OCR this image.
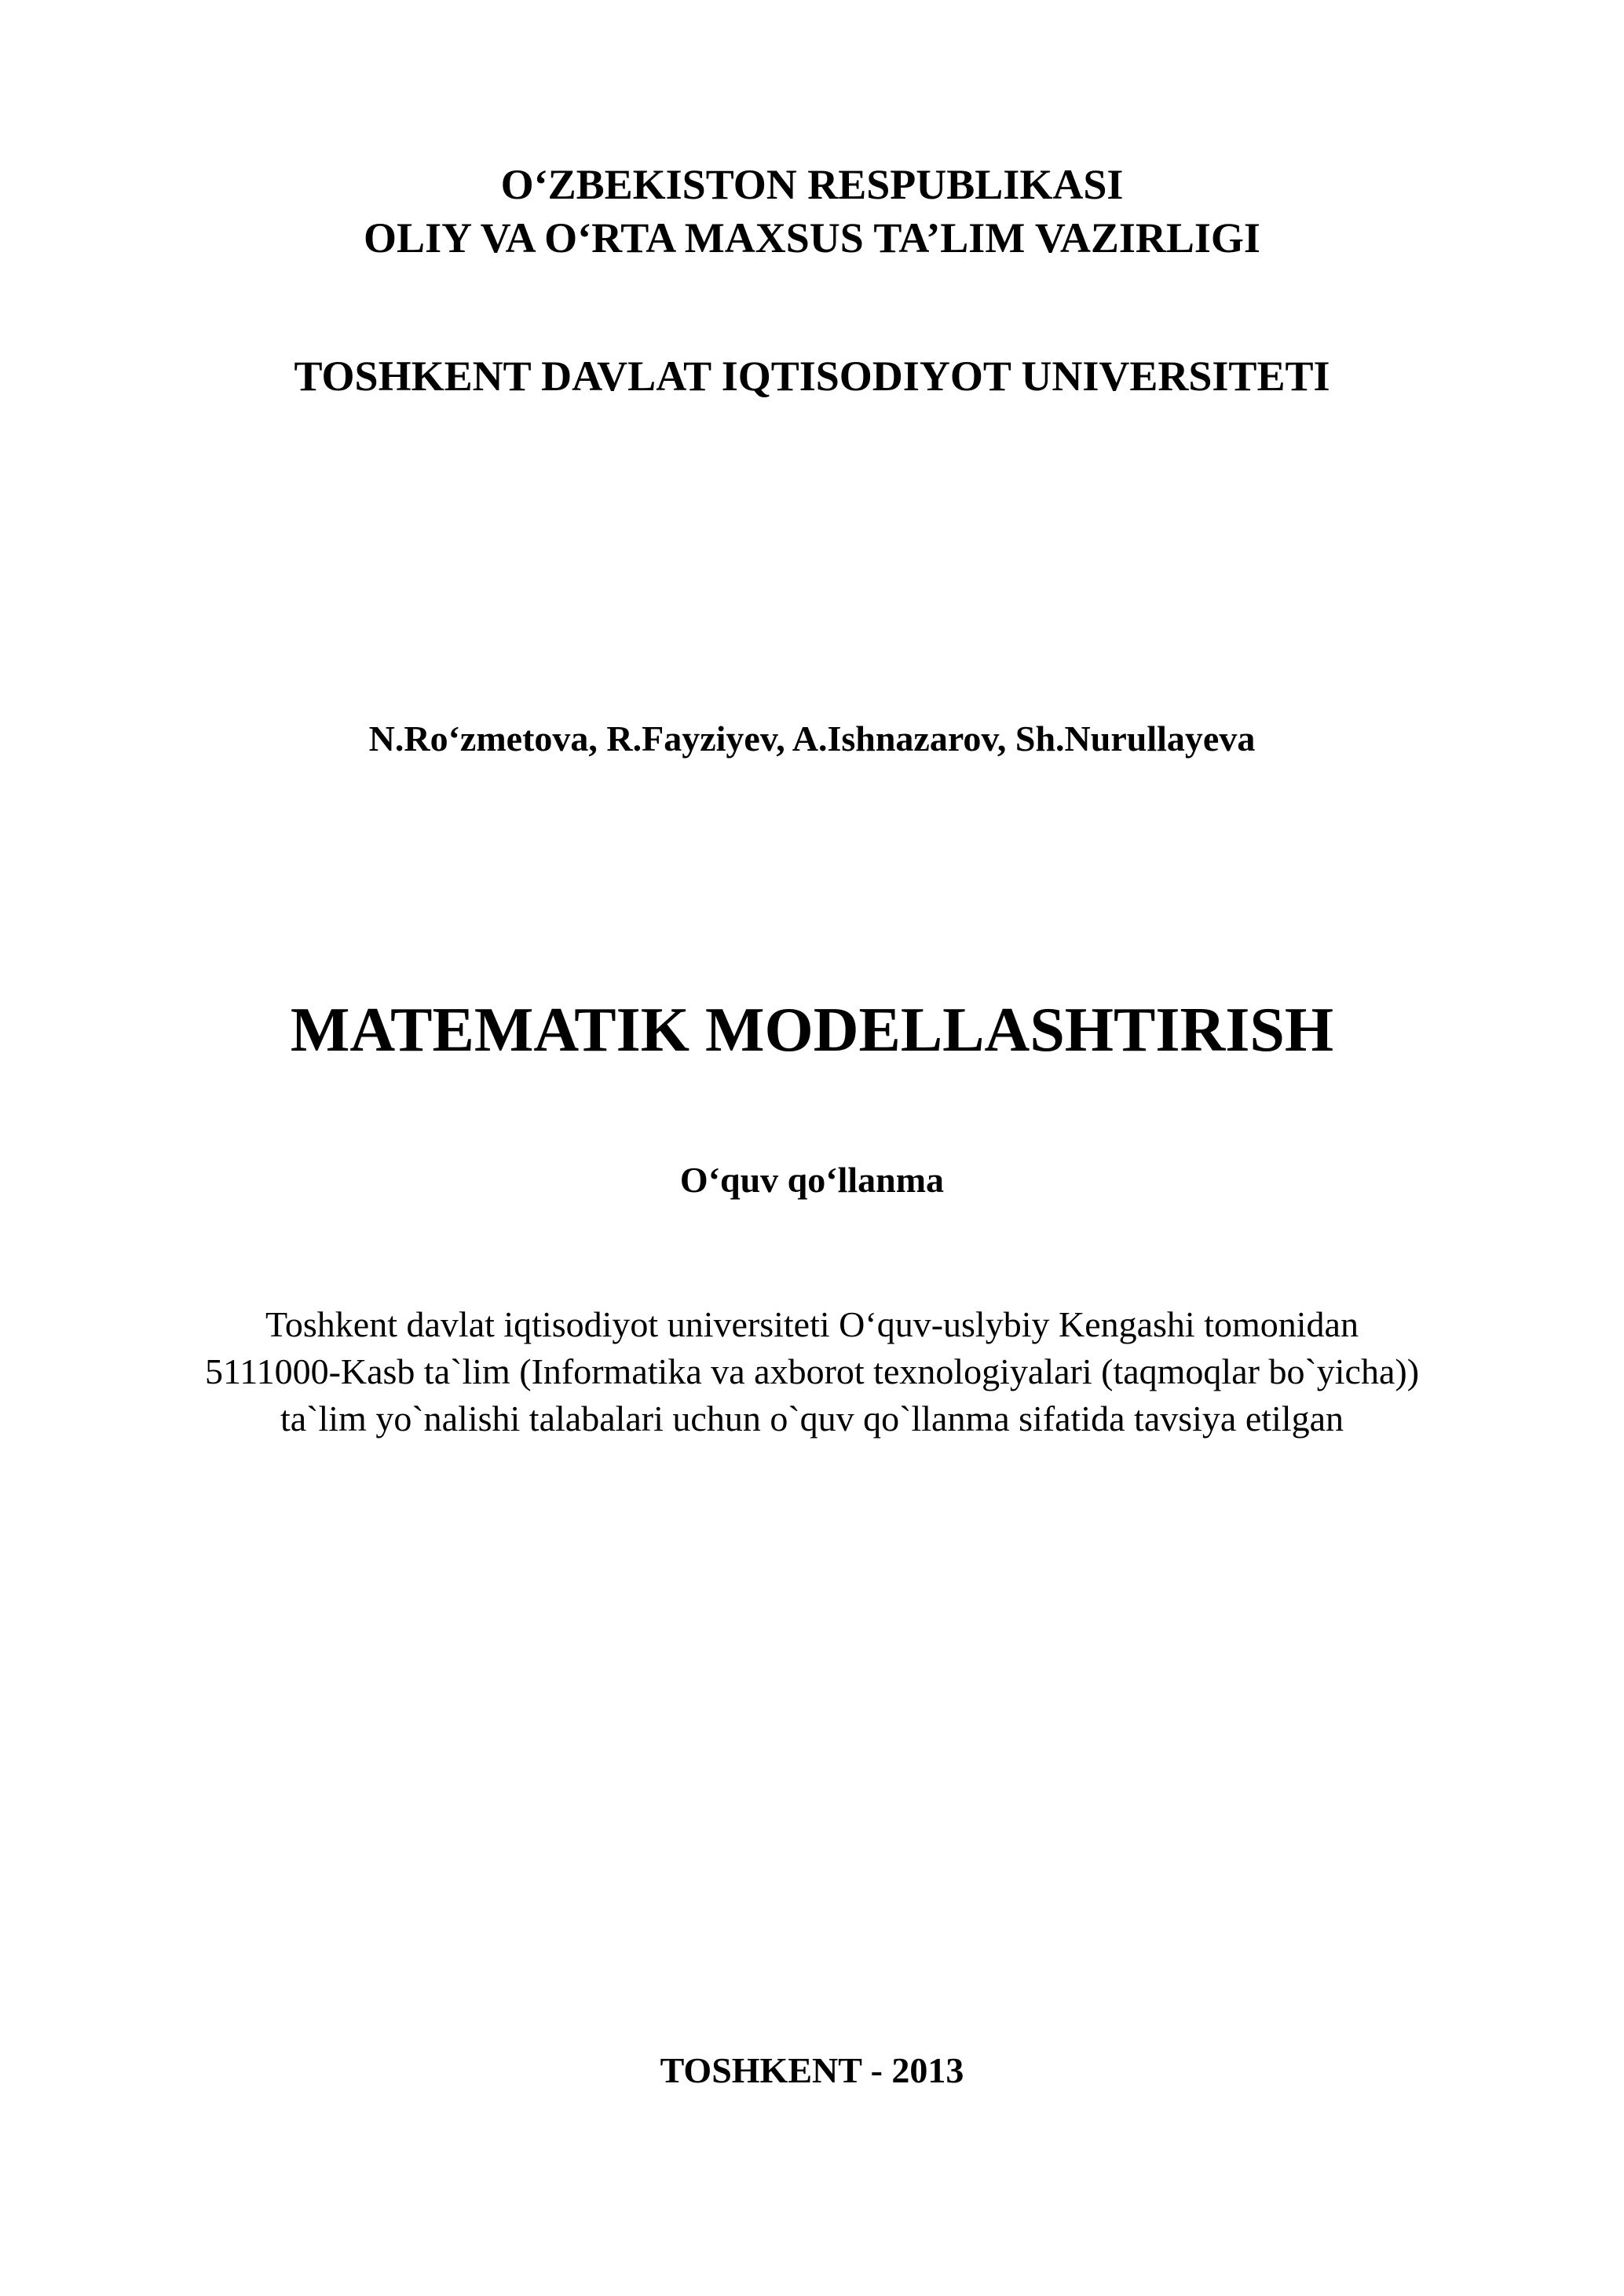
O‘ZBEKISTON RESPUBLIKASI
OLIY VA O‘RTA MAXSUS TA’LIM VAZIRLIGI
TOSHKENT DAVLAT IQTISODIYOT UNIVERSITETI
N.Ro‘zmetova, R.Fayziyev, A.Ishnazarov, Sh.Nurullayeva
MATEMATIK MODELLASHTIRISH
O‘quv qo‘llanma
Toshkent davlat iqtisodiyot universiteti O‘quv-uslybiy Kengashi tomonidan
5111000-Kasb ta`lim (Informatika va axborot texnologiyalari (taqmoqlar bo`yicha))
ta`lim yo`nalishi talabalari uchun o`quv qo`llanma sifatida tavsiya etilgan
TOSHKENT - 2013
